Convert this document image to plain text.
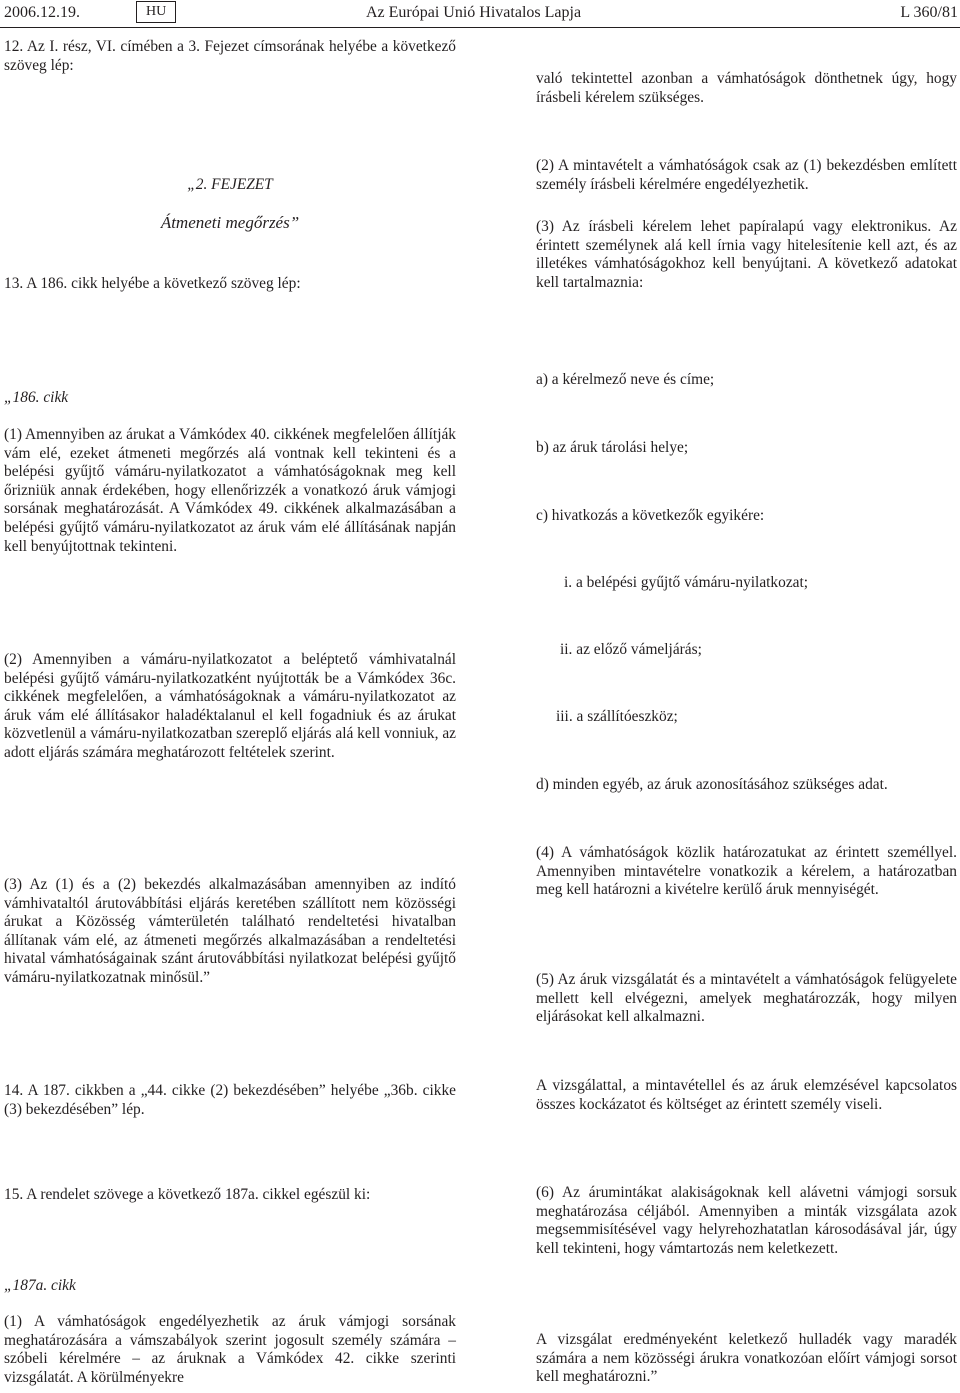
2006.12.19.	HU	Az Európai Unió Hivatalos Lapja	L 360/81

12. Az I. rész, VI. címében a 3. Fejezet címsorának helyébe a következő szöveg lép:

„2. FEJEZET

Átmeneti megőrzés”

13. A 186. cikk helyébe a következő szöveg lép:

„186. cikk

(1) Amennyiben az árukat a Vámkódex 40. cikkének megfelelően állítják vám elé, ezeket átmeneti megőrzés alá vontnak kell tekinteni és a belépési gyűjtő vámáru-nyilatkozatot a vámhatóságoknak meg kell őrizniük annak érdekében, hogy ellenőrizzék a vonatkozó áruk vámjogi sorsának meghatározását. A Vámkódex 49. cikkének alkalmazásában a belépési gyűjtő vámáru-nyilatkozatot az áruk vám elé állításának napján kell benyújtottnak tekinteni.

(2) Amennyiben a vámáru-nyilatkozatot a beléptető vámhivatalnál belépési gyűjtő vámáru-nyilatkozatként nyújtották be a Vámkódex 36c. cikkének megfelelően, a vámhatóságoknak a vámáru-nyilatkozatot az áruk vám elé állításakor haladéktalanul el kell fogadniuk és az árukat közvetlenül a vámáru-nyilatkozatban szereplő eljárás alá kell vonniuk, az adott eljárás számára meghatározott feltételek szerint.

(3) Az (1) és a (2) bekezdés alkalmazásában amennyiben az indító vámhivataltól árutovábbítási eljárás keretében szállított nem közösségi árukat a Közösség vámterületén található rendeltetési hivatalban állítanak vám elé, az átmeneti megőrzés alkalmazásában a rendeltetési hivatal vámhatóságainak szánt árutovábbítási nyilatkozat belépési gyűjtő vámáru-nyilatkozatnak minősül.”

14. A 187. cikkben a „44. cikke (2) bekezdésében” helyébe „36b. cikke (3) bekezdésében” lép.

15. A rendelet szövege a következő 187a. cikkel egészül ki:

„187a. cikk

(1) A vámhatóságok engedélyezhetik az áruk vámjogi sorsának meghatározására a vámszabályok szerint jogosult személy számára – szóbeli kérelmére – az áruknak a Vámkódex 42. cikke szerinti vizsgálatát. A körülményekre

való tekintettel azonban a vámhatóságok dönthetnek úgy, hogy írásbeli kérelem szükséges.

(2) A mintavételt a vámhatóságok csak az (1) bekezdésben említett személy írásbeli kérelmére engedélyezhetik.

(3) Az írásbeli kérelem lehet papíralapú vagy elektronikus. Az érintett személynek alá kell írnia vagy hitelesítenie kell azt, és az illetékes vámhatóságokhoz kell benyújtani. A következő adatokat kell tartalmaznia:

a) a kérelmező neve és címe;

b) az áruk tárolási helye;

c) hivatkozás a következők egyikére:

i. a belépési gyűjtő vámáru-nyilatkozat;

ii. az előző vámeljárás;

iii. a szállítóeszköz;

d) minden egyéb, az áruk azonosításához szükséges adat.

(4) A vámhatóságok közlik határozatukat az érintett személlyel. Amennyiben mintavételre vonatkozik a kérelem, a határozatban meg kell határozni a kivételre kerülő áruk mennyiségét.

(5) Az áruk vizsgálatát és a mintavételt a vámhatóságok felügyelete mellett kell elvégezni, amelyek meghatározzák, hogy milyen eljárásokat kell alkalmazni.

A vizsgálattal, a mintavétellel és az áruk elemzésével kapcsolatos összes kockázatot és költséget az érintett személy viseli.

(6) Az árumintákat alakiságoknak kell alávetni vámjogi sorsuk meghatározása céljából. Amennyiben a minták vizsgálata azok megsemmisítésével vagy helyrehozhatatlan károsodásával jár, úgy kell tekinteni, hogy vámtartozás nem keletkezett.

A vizsgálat eredményeként keletkező hulladék vagy maradék számára a nem közösségi árukra vonatkozóan előírt vámjogi sorsot kell meghatározni.”
